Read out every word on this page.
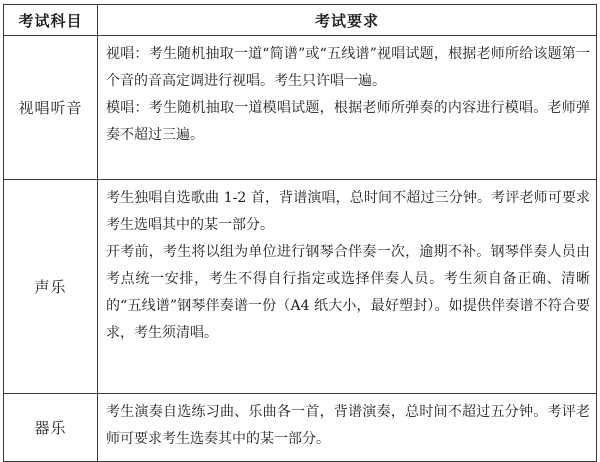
考试科目	考试要求
视唱听音	视唱：考生随机抽取一道“简谱”或“五线谱”视唱试题，根据老师所给该题第一个音的音高定调进行视唱。考生只许唱一遍。

模唱：考生随机抽取一道模唱试题，根据老师所弹奏的内容进行模唱。老师弹奏不超过三遍。

声乐	考生独唱自选歌曲 1-2 首，背谱演唱，总时间不超过三分钟。考评老师可要求考生选唱其中的某一部分。

开考前，考生将以组为单位进行钢琴合伴奏一次，逾期不补。钢琴伴奏人员由考点统一安排，考生不得自行指定或选择伴奏人员。考生须自备正确、清晰的“五线谱”钢琴伴奏谱一份（A4 纸大小，最好塑封）。如提供伴奏谱不符合要求，考生须清唱。

器乐	考生演奏自选练习曲、乐曲各一首，背谱演奏，总时间不超过五分钟。考评老师可要求考生选奏其中的某一部分。
